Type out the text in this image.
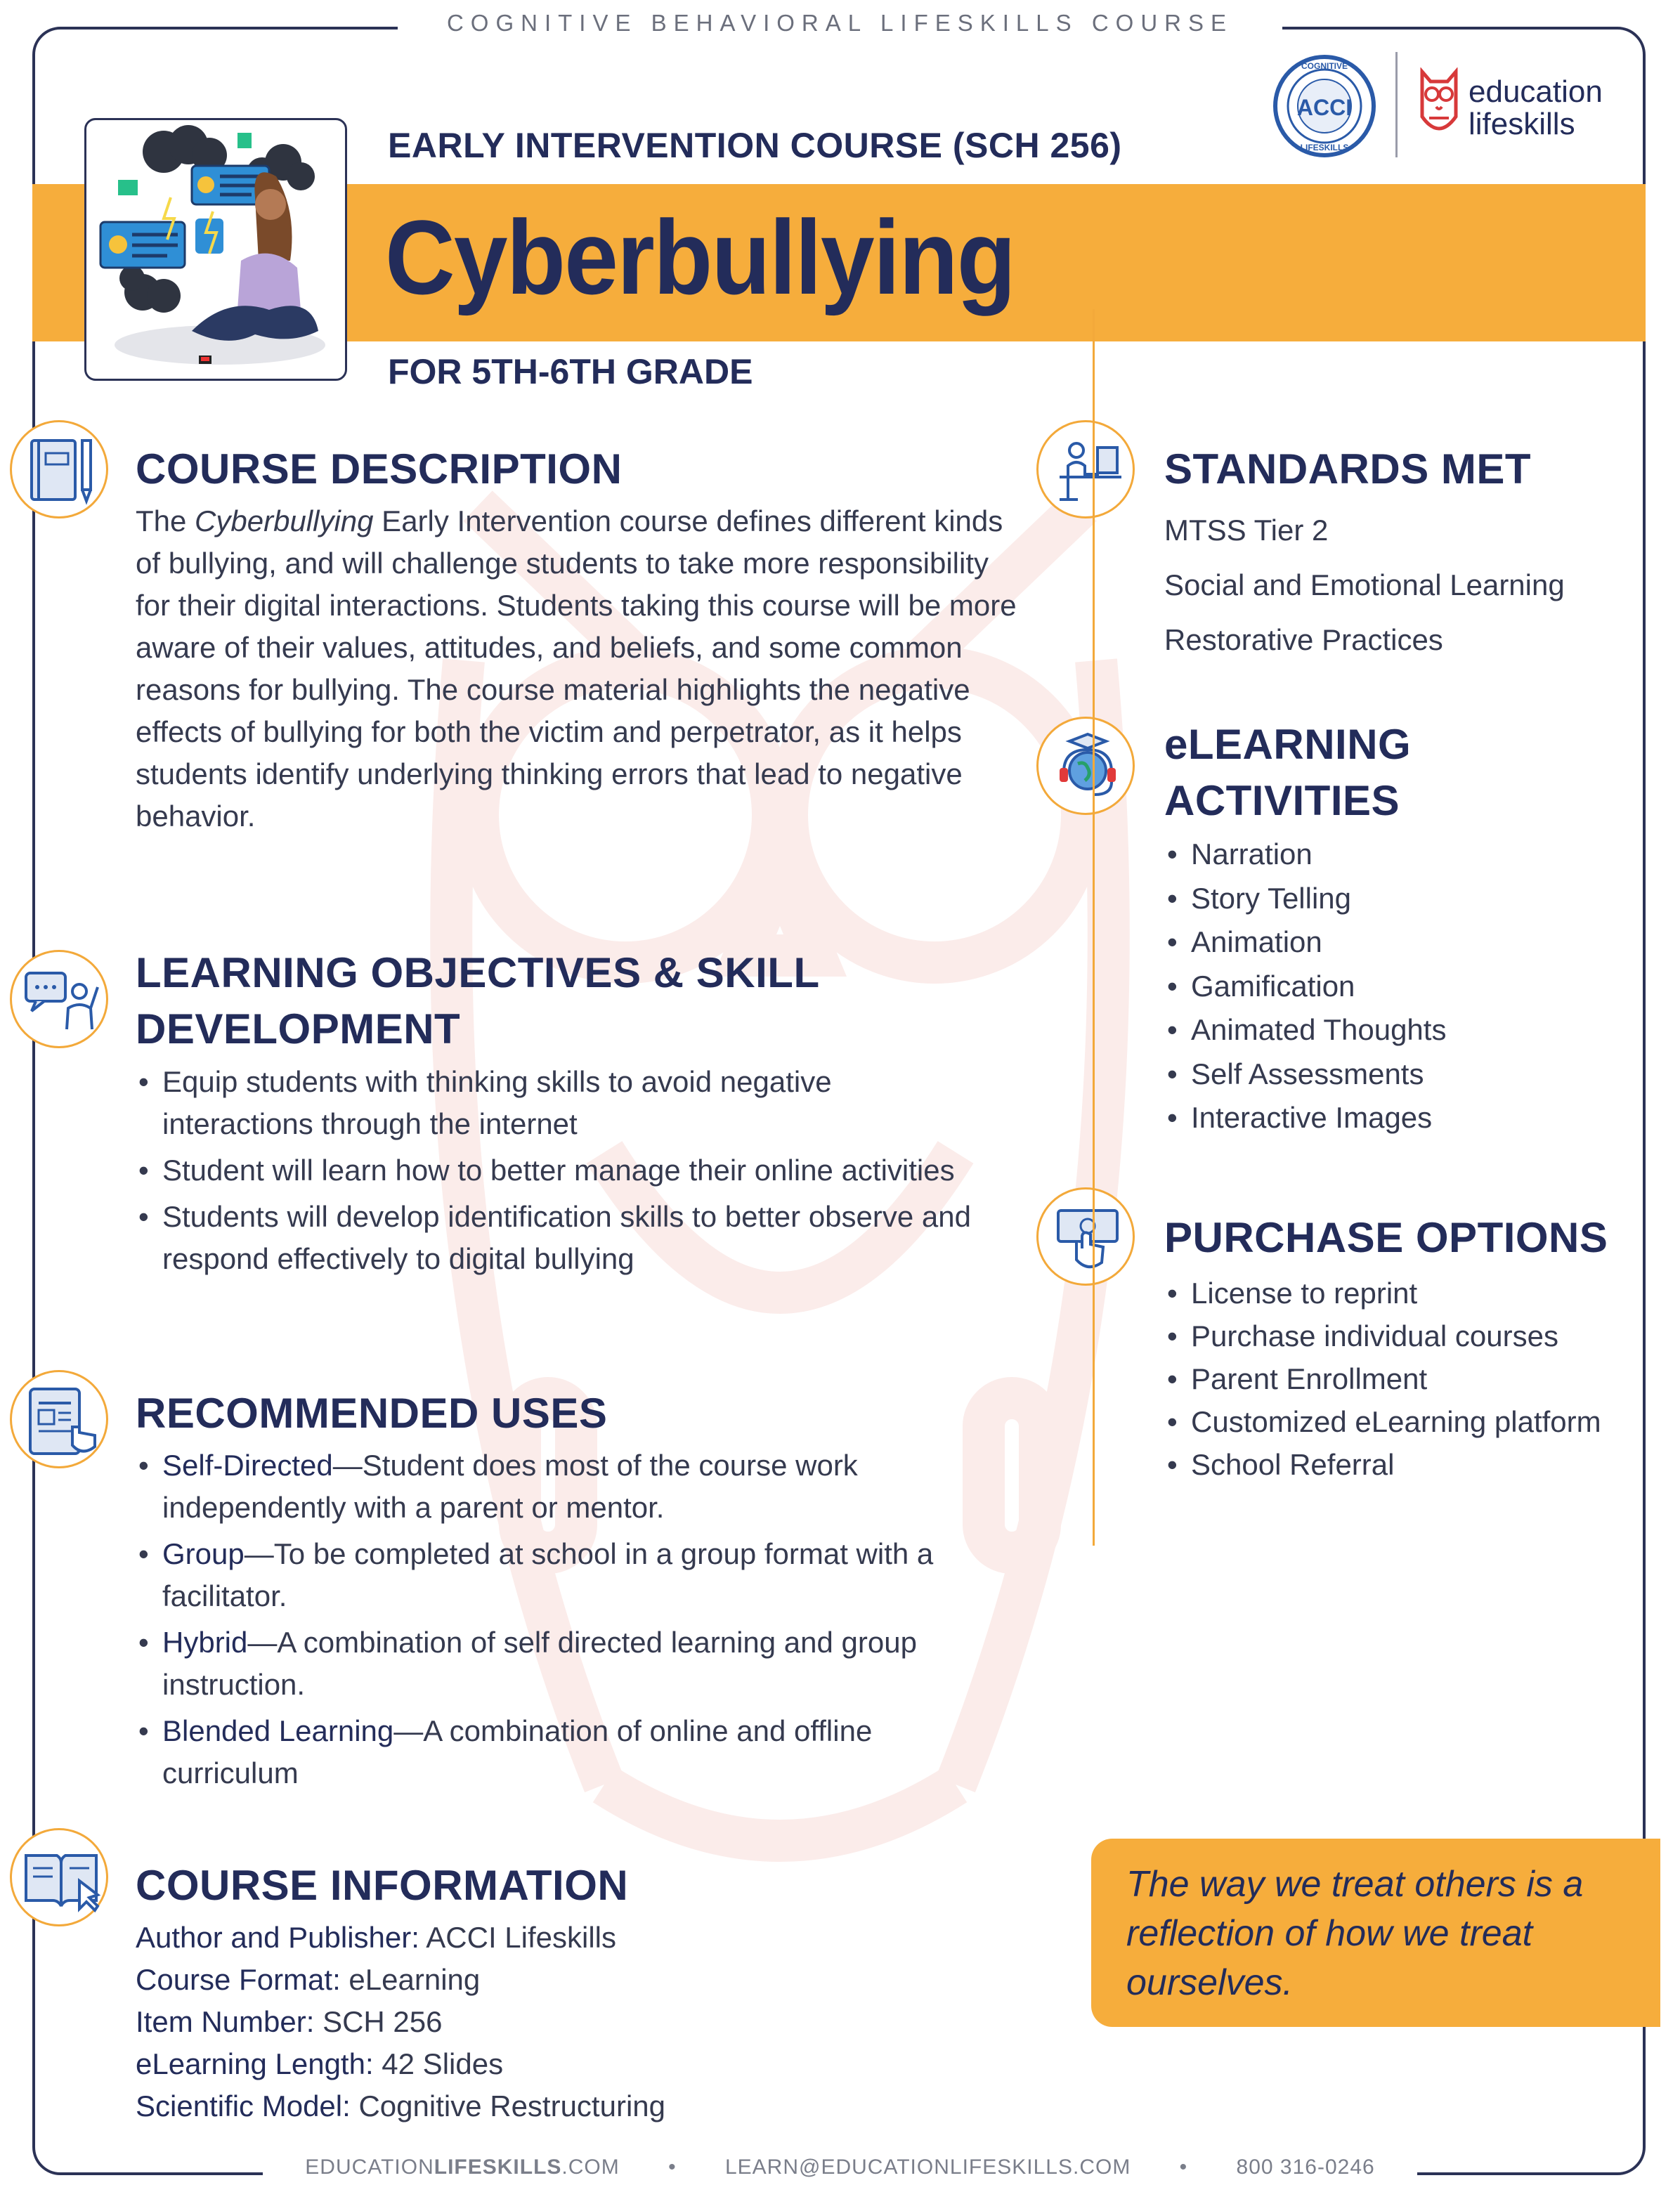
COGNITIVE BEHAVIORAL LIFESKILLS COURSE
EARLY INTERVENTION COURSE (SCH 256)
Cyberbullying
FOR 5TH-6TH GRADE
ACCI
COGNITIVE
LIFESKILLS
education
lifeskills
COURSE DESCRIPTION
The Cyberbullying Early Intervention course defines different kinds of bullying, and will challenge students to take more responsibility for their digital interactions. Students taking this course will be more aware of their values, attitudes, and beliefs, and some common reasons for bullying. The course material highlights the negative effects of bullying for both the victim and perpetrator, as it helps students identify underlying thinking errors that lead to negative behavior.
LEARNING OBJECTIVES & SKILL
DEVELOPMENT
• Equip students with thinking skills to avoid negative interactions through the internet
• Student will learn how to better manage their online activities
• Students will develop identification skills to better observe and respond effectively to digital bullying
RECOMMENDED USES
• Self-Directed—Student does most of the course work independently with a parent or mentor.
• Group—To be completed at school in a group format with a facilitator.
• Hybrid—A combination of self directed learning and group instruction.
• Blended Learning—A combination of online and offline curriculum
COURSE INFORMATION
Author and Publisher: ACCI Lifeskills
Course Format: eLearning
Item Number: SCH 256
eLearning Length: 42 Slides
Scientific Model: Cognitive Restructuring
STANDARDS MET
MTSS Tier 2
Social and Emotional Learning
Restorative Practices
eLEARNING
ACTIVITIES
• Narration
• Story Telling
• Animation
• Gamification
• Animated Thoughts
• Self Assessments
• Interactive Images
PURCHASE OPTIONS
• License to reprint
• Purchase individual courses
• Parent Enrollment
• Customized eLearning platform
• School Referral
The way we treat others is a reflection of how we treat ourselves.
EDUCATIONLIFESKILLS.COM • LEARN@EDUCATIONLIFESKILLS.COM • 800 316-0246
